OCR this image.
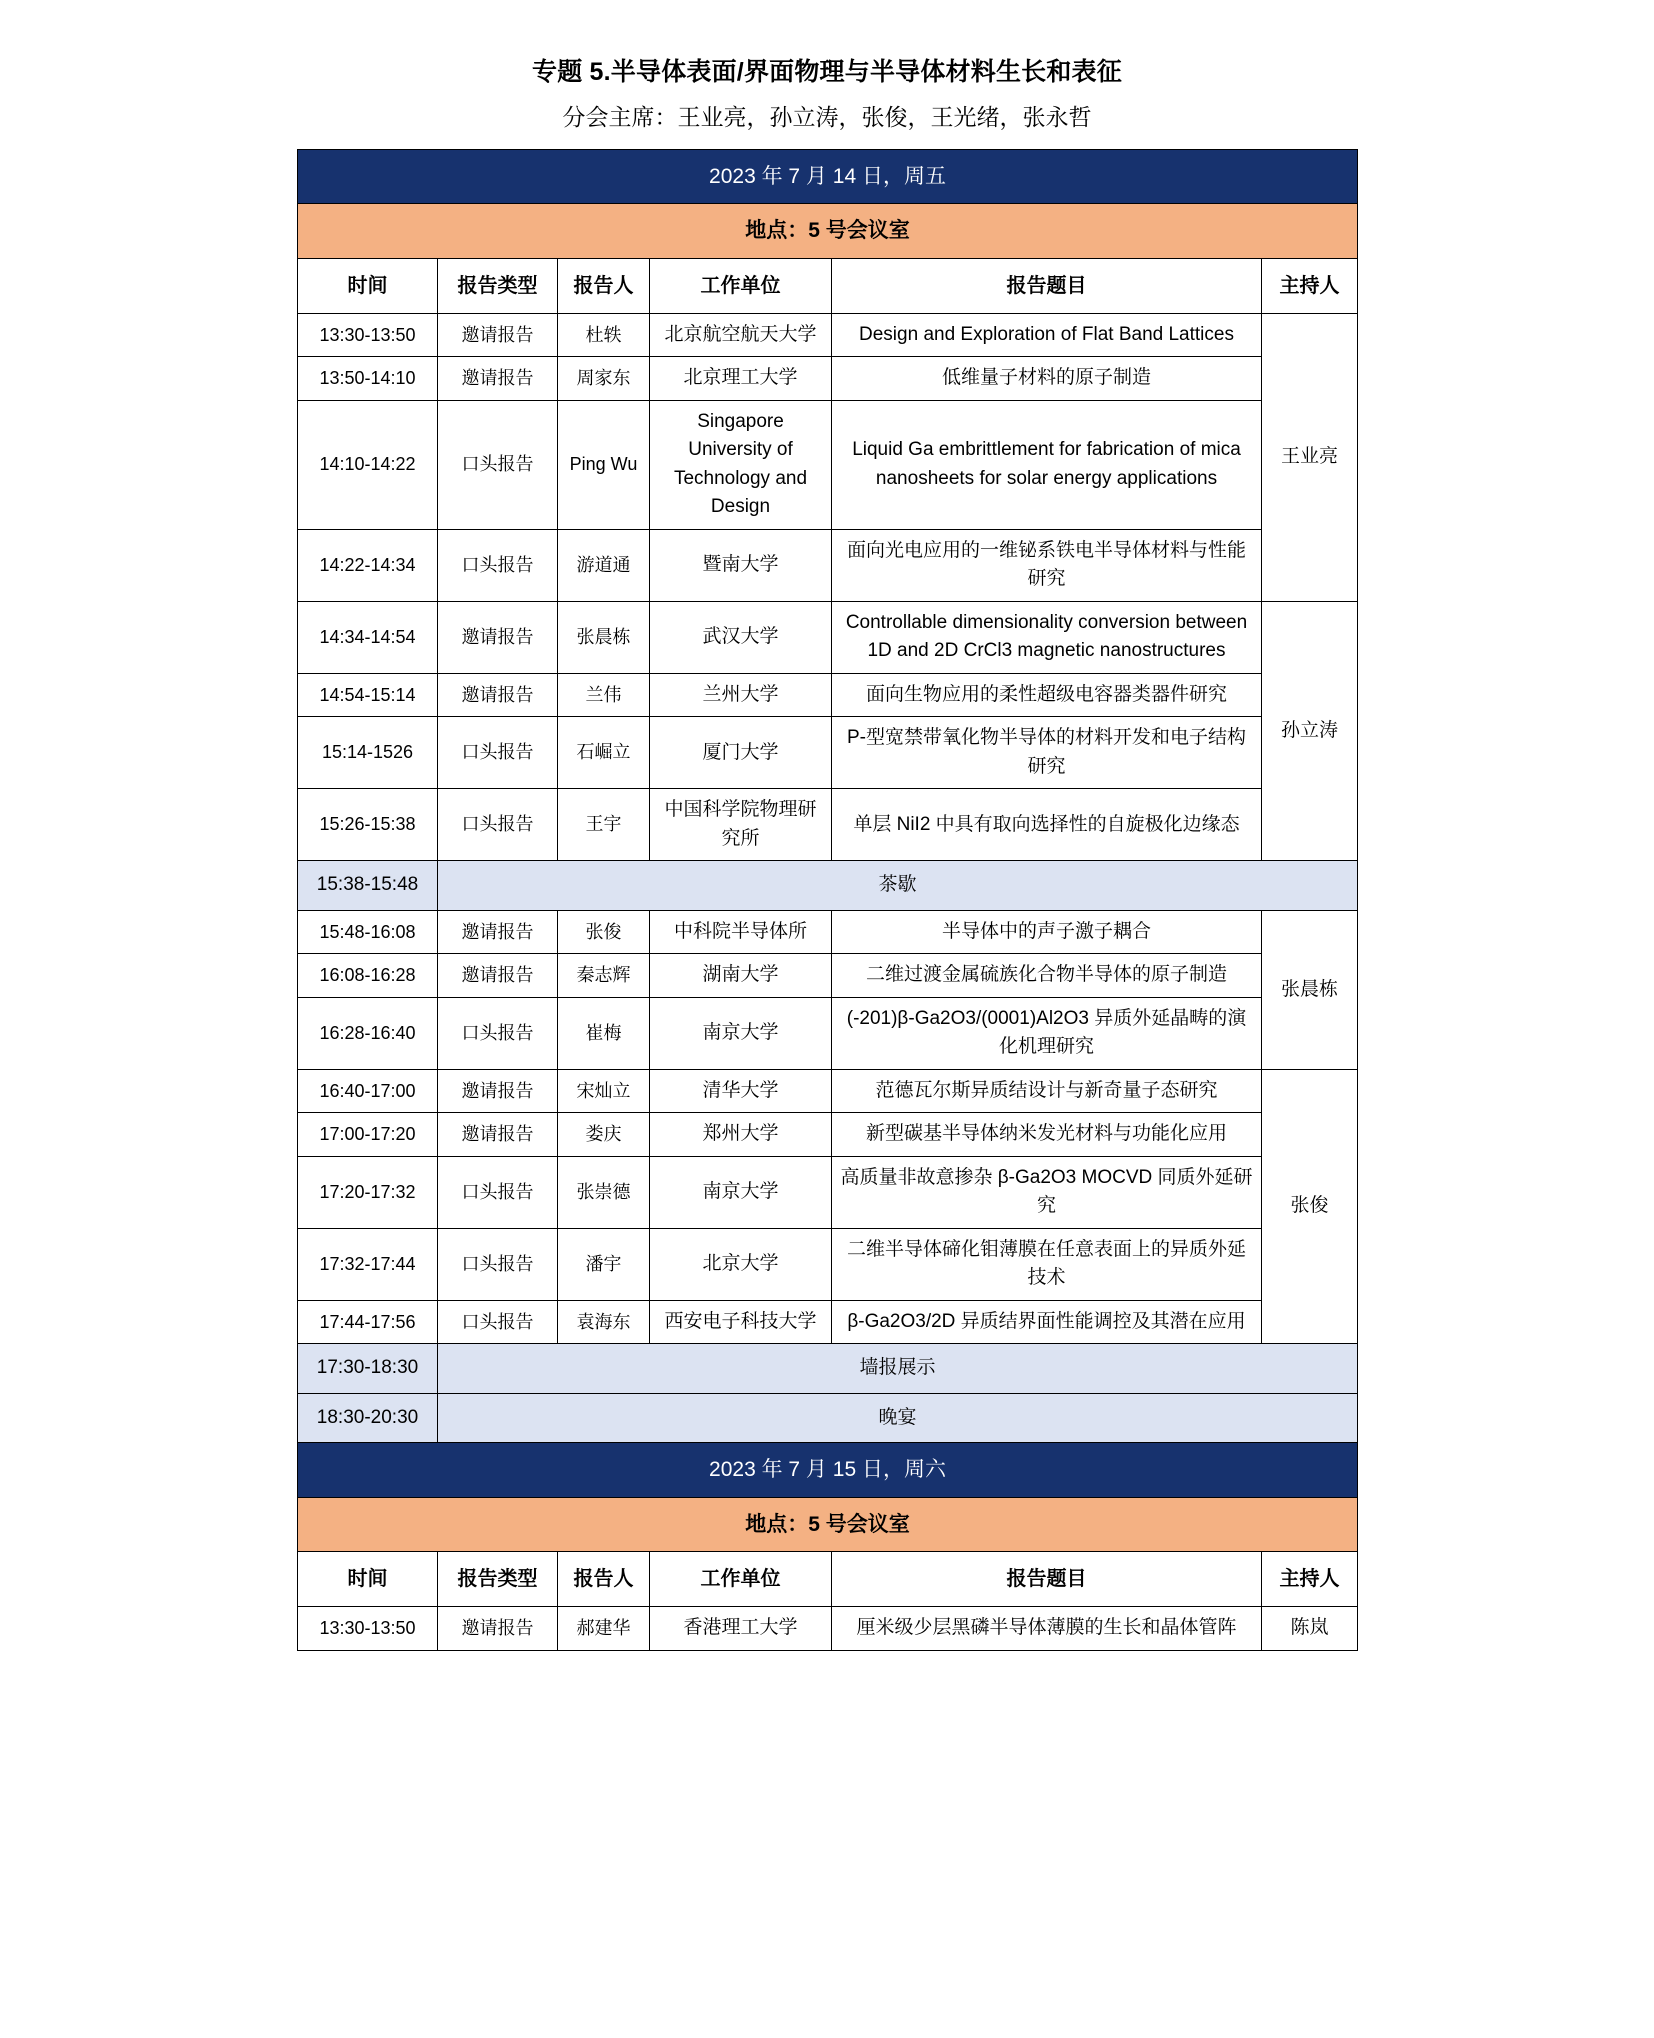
专题 5.半导体表面/界面物理与半导体材料生长和表征
分会主席：王业亮，孙立涛，张俊，王光绪，张永哲
2023 年 7 月 14 日，周五					
地点：5 号会议室					
时间	报告类型	报告人	工作单位	报告题目	主持人
13:30-13:50	邀请报告	杜轶	北京航空航天大学	Design and Exploration of Flat Band Lattices	王业亮
13:50-14:10	邀请报告	周家东	北京理工大学	低维量子材料的原子制造	
14:10-14:22	口头报告	Ping Wu	Singapore University of Technology and Design	Liquid Ga embrittlement for fabrication of mica nanosheets for solar energy applications	
14:22-14:34	口头报告	游道通	暨南大学	面向光电应用的一维铋系铁电半导体材料与性能研究	
14:34-14:54	邀请报告	张晨栋	武汉大学	Controllable dimensionality conversion between 1D and 2D CrCl3 magnetic nanostructures	孙立涛
14:54-15:14	邀请报告	兰伟	兰州大学	面向生物应用的柔性超级电容器类器件研究	
15:14-1526	口头报告	石崛立	厦门大学	P-型宽禁带氧化物半导体的材料开发和电子结构研究	
15:26-15:38	口头报告	王宇	中国科学院物理研究所	单层 NiI2 中具有取向选择性的自旋极化边缘态	
15:38-15:48	茶歇				
15:48-16:08	邀请报告	张俊	中科院半导体所	半导体中的声子激子耦合	张晨栋
16:08-16:28	邀请报告	秦志辉	湖南大学	二维过渡金属硫族化合物半导体的原子制造	
16:28-16:40	口头报告	崔梅	南京大学	(-201)β-Ga2O3/(0001)Al2O3 异质外延晶畴的演化机理研究	
16:40-17:00	邀请报告	宋灿立	清华大学	范德瓦尔斯异质结设计与新奇量子态研究	张俊
17:00-17:20	邀请报告	娄庆	郑州大学	新型碳基半导体纳米发光材料与功能化应用	
17:20-17:32	口头报告	张崇德	南京大学	高质量非故意掺杂 β-Ga2O3 MOCVD 同质外延研究	
17:32-17:44	口头报告	潘宇	北京大学	二维半导体碲化钼薄膜在任意表面上的异质外延技术	
17:44-17:56	口头报告	袁海东	西安电子科技大学	β-Ga2O3/2D 异质结界面性能调控及其潜在应用	
17:30-18:30	墙报展示				
18:30-20:30	晚宴				
2023 年 7 月 15 日，周六					
地点：5 号会议室					
时间	报告类型	报告人	工作单位	报告题目	主持人
13:30-13:50	邀请报告	郝建华	香港理工大学	厘米级少层黑磷半导体薄膜的生长和晶体管阵	陈岚
